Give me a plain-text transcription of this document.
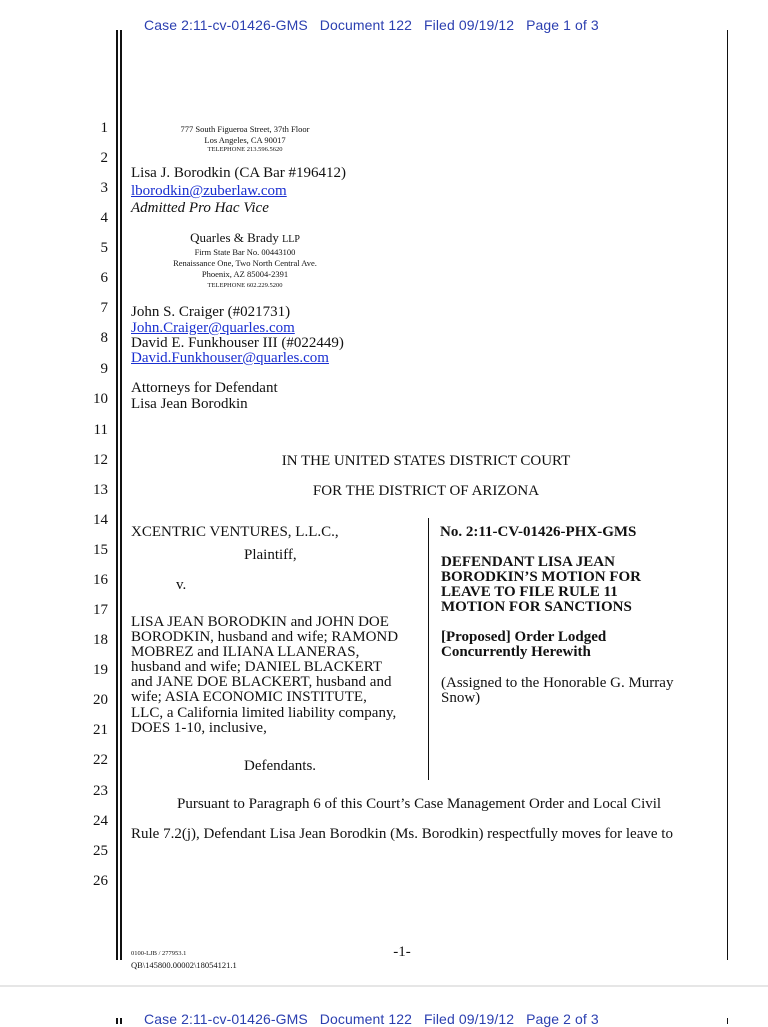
Case 2:11-cv-01426-GMS   Document 122   Filed 09/19/12   Page 1 of 3
1
2
3
4
5
6
7
8
9
10
11
12
13
14
15
16
17
18
19
20
21
22
23
24
25
26
777 South Figueroa Street, 37th Floor
Los Angeles, CA 90017
TELEPHONE 213.596.5620
Lisa J. Borodkin (CA Bar #196412)
lborodkin@zuberlaw.com
Admitted Pro Hac Vice
Quarles & Brady LLP
Firm State Bar No. 00443100
Renaissance One, Two North Central Ave.
Phoenix, AZ 85004-2391
TELEPHONE 602.229.5200
John S. Craiger (#021731)
John.Craiger@quarles.com
David E. Funkhouser III (#022449)
David.Funkhouser@quarles.com
Attorneys for Defendant
Lisa Jean Borodkin
IN THE UNITED STATES DISTRICT COURT
FOR THE DISTRICT OF ARIZONA
XCENTRIC VENTURES, L.L.C.,
Plaintiff,
v.
LISA JEAN BORODKIN and JOHN DOE
BORODKIN, husband and wife; RAMOND
MOBREZ and ILIANA LLANERAS,
husband and wife; DANIEL BLACKERT
and JANE DOE BLACKERT, husband and
wife; ASIA ECONOMIC INSTITUTE,
LLC, a California limited liability company,
DOES 1-10, inclusive,
Defendants.
No. 2:11-CV-01426-PHX-GMS
DEFENDANT LISA JEAN
BORODKIN’S MOTION FOR
LEAVE TO FILE RULE 11
MOTION FOR SANCTIONS
[Proposed] Order Lodged
Concurrently Herewith
(Assigned to the Honorable G. Murray
Snow)
Pursuant to Paragraph 6 of this Court’s Case Management Order and Local Civil
Rule 7.2(j), Defendant Lisa Jean Borodkin (Ms. Borodkin) respectfully moves for leave to
0100-LJB / 277953.1	-1-
QB\145800.00002\18054121.1
Case 2:11-cv-01426-GMS   Document 122   Filed 09/19/12   Page 2 of 3
